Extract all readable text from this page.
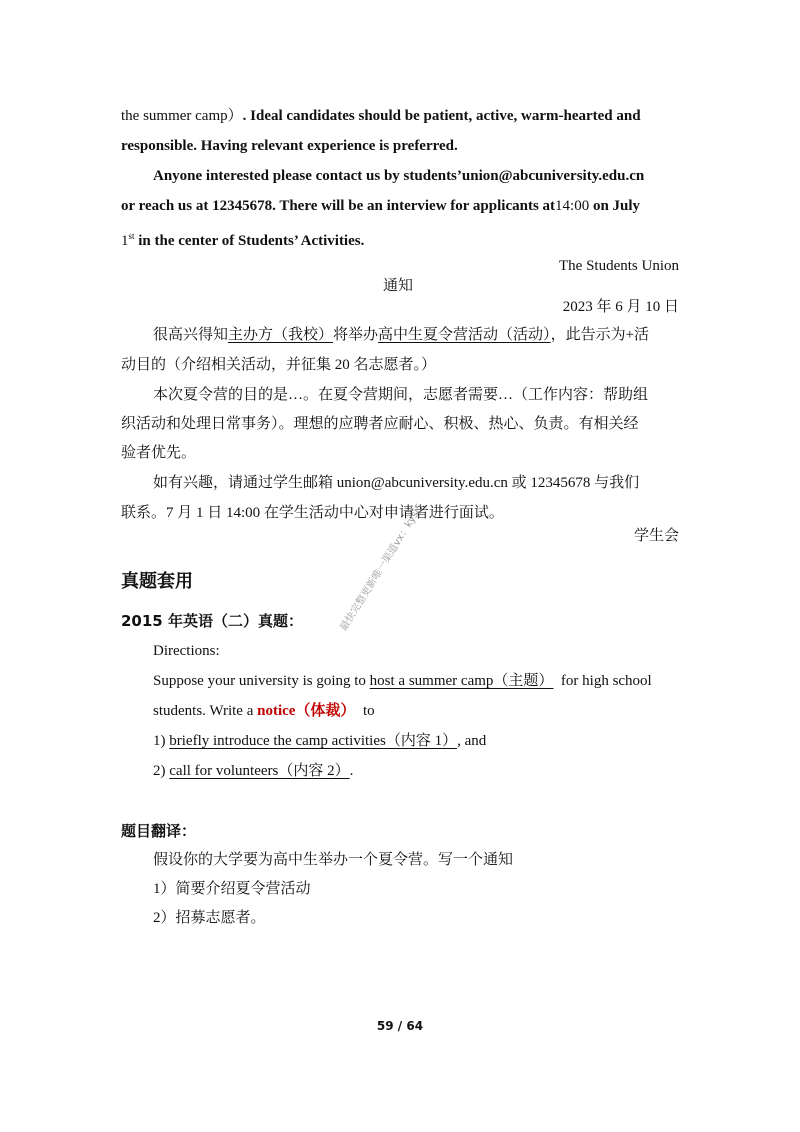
the summer camp）. Ideal candidates should be patient, active, warm-hearted and
responsible. Having relevant experience is preferred.
Anyone interested please contact us by students’union@abcuniversity.edu.cn
or reach us at 12345678. There will be an interview for applicants at14:00 on July
1st in the center of Students’ Activities.
The Students Union
通知
2023 年 6 月 10 日
很高兴得知主办方（我校）将举办高中生夏令营活动（活动），此告示为+活
动目的（介绍相关活动，并征集 20 名志愿者。）
本次夏令营的目的是…。在夏令营期间，志愿者需要…（工作内容：帮助组
织活动和处理日常事务）。理想的应聘者应耐心、积极、热心、负责。有相关经
验者优先。
如有兴趣，请通过学生邮箱 union@abcuniversity.edu.cn 或 12345678 与我们
联系。7 月 1 日 14:00 在学生活动中心对申请者进行面试。
学生会
真题套用
2015 年英语（二）真题：
Directions:
Suppose your university is going to host a summer camp（主题）  for high school
students. Write a notice（体裁）  to
1) briefly introduce the camp activities（内容 1）, and
2) call for volunteers（内容 2）.
题目翻译：
假设你的大学要为高中生举办一个夏令营。写一个通知
1）简要介绍夏令营活动
2）招募志愿者。
最快完整更新唯一渠道vx：kysj5
59 / 64
